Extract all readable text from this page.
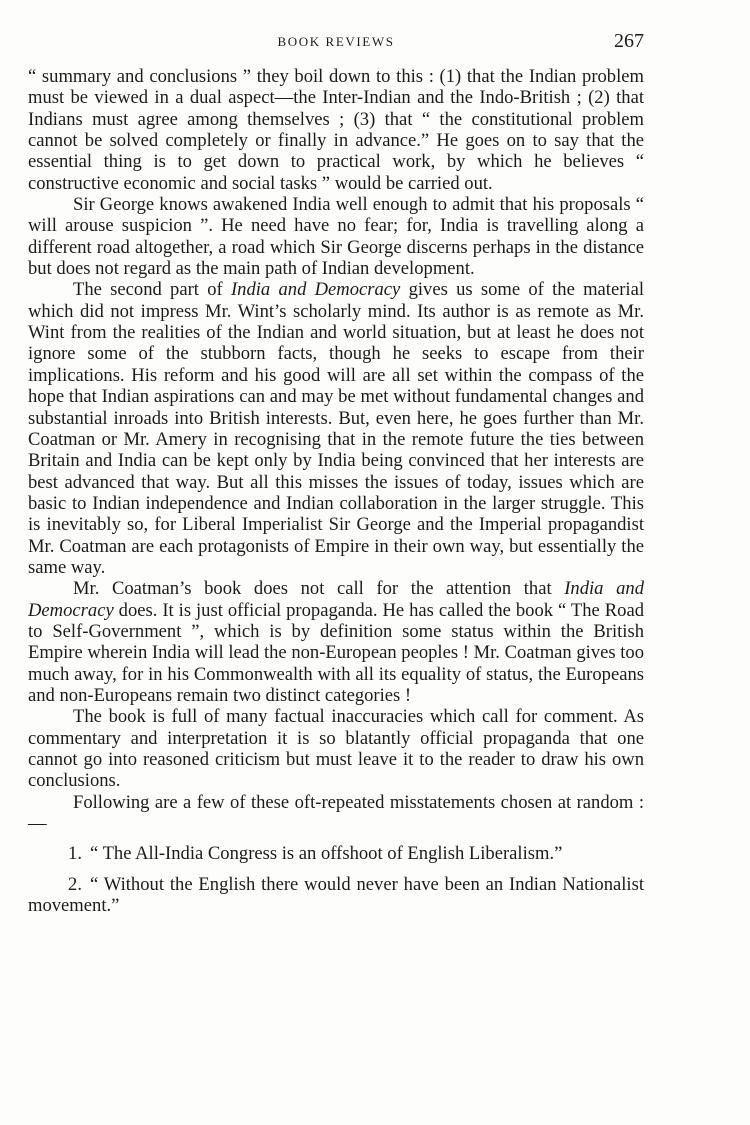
BOOK REVIEWS	267

“ summary and conclusions ” they boil down to this : (1) that the Indian problem must be viewed in a dual aspect—the Inter-Indian and the Indo-British ; (2) that Indians must agree among themselves ; (3) that “ the constitutional problem cannot be solved completely or finally in advance.” He goes on to say that the essential thing is to get down to practical work, by which he believes “ constructive economic and social tasks ” would be carried out.

Sir George knows awakened India well enough to admit that his proposals “ will arouse suspicion ”. He need have no fear; for, India is travelling along a different road altogether, a road which Sir George discerns perhaps in the distance but does not regard as the main path of Indian development.

The second part of India and Democracy gives us some of the material which did not impress Mr. Wint’s scholarly mind. Its author is as remote as Mr. Wint from the realities of the Indian and world situation, but at least he does not ignore some of the stubborn facts, though he seeks to escape from their implications. His reform and his good will are all set within the compass of the hope that Indian aspirations can and may be met without fundamental changes and substantial inroads into British interests. But, even here, he goes further than Mr. Coatman or Mr. Amery in recognising that in the remote future the ties between Britain and India can be kept only by India being convinced that her interests are best advanced that way. But all this misses the issues of today, issues which are basic to Indian independence and Indian collaboration in the larger struggle. This is inevitably so, for Liberal Imperialist Sir George and the Imperial propagandist Mr. Coatman are each protagonists of Empire in their own way, but essentially the same way.

Mr. Coatman’s book does not call for the attention that India and Democracy does. It is just official propaganda. He has called the book “ The Road to Self-Government ”, which is by definition some status within the British Empire wherein India will lead the non-European peoples ! Mr. Coatman gives too much away, for in his Commonwealth with all its equality of status, the Europeans and non-Europeans remain two distinct categories !

The book is full of many factual inaccuracies which call for comment. As commentary and interpretation it is so blatantly official propaganda that one cannot go into reasoned criticism but must leave it to the reader to draw his own conclusions.

Following are a few of these oft-repeated misstatements chosen at random :—

1. “ The All-India Congress is an offshoot of English Liberalism.”

2. “ Without the English there would never have been an Indian Nationalist movement.”
